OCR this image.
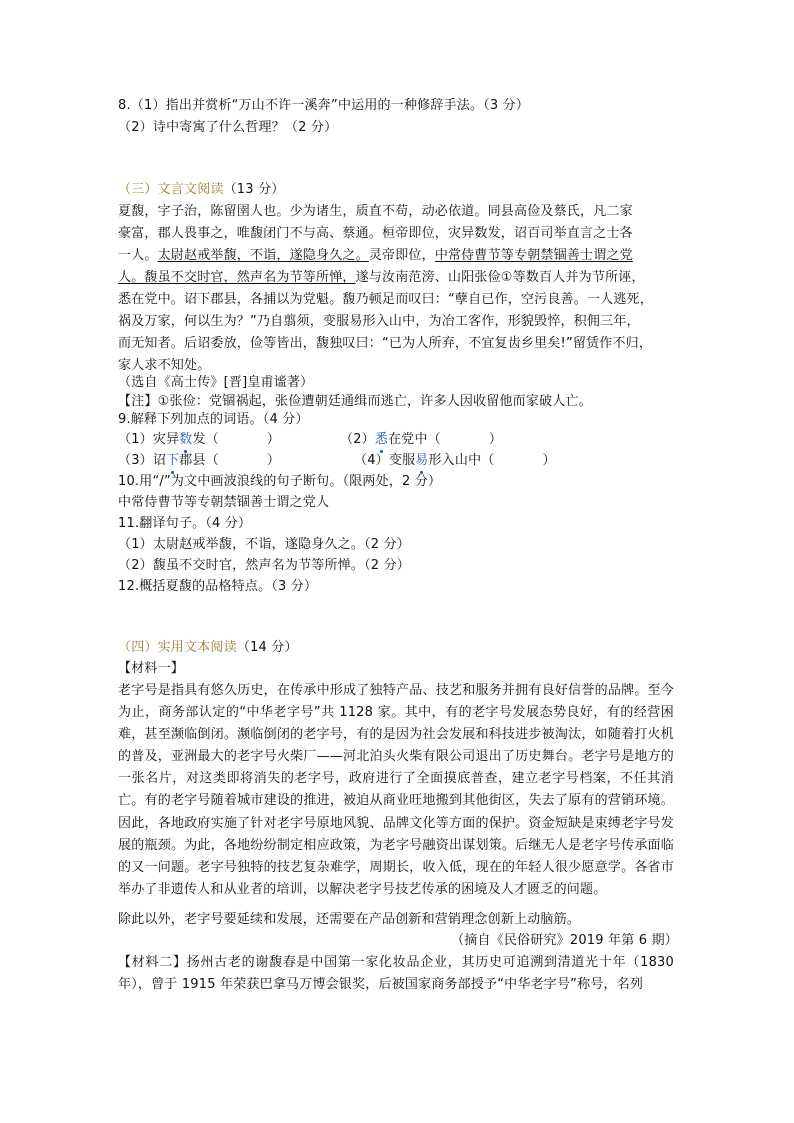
8.（1）指出并赏析“万山不许一溪奔”中运用的一种修辞手法。（3 分）
（2）诗中寄寓了什么哲理？（2 分）
（三）文言文阅读（13 分）
夏馥，字子治，陈留圉人也。少为诸生，质直不苟，动必依道。同县高俭及蔡氏，凡二家
豪富，郡人畏事之，唯馥闭门不与高、蔡通。桓帝即位，灾异数发，诏百司举直言之士各
一人。太尉赵戒举馥，不诣，遂隐身久之。灵帝即位，中常侍曹节等专朝禁锢善士谓之党
人。馥虽不交时官，然声名为节等所惮，遂与汝南范滂、山阳张俭①等数百人并为节所诬，
悉在党中。诏下郡县，各捕以为党魁。馥乃顿足而叹曰：“孽自已作，空污良善。一人逃死，
祸及万家，何以生为？”乃自翦须，变服易形入山中，为冶工客作，形貌毁悴，积佣三年，
而无知者。后诏委放，俭等皆出，馥独叹曰：“已为人所弃，不宜复齿乡里矣!”留赁作不归，
家人求不知处。
（选自《高士传》[晋]皇甫谧著）
【注】①张俭：党锢祸起，张俭遭朝廷通缉而逃亡，许多人因收留他而家破人亡。
9.解释下列加点的词语。（4 分）
（1）灾异数发（	）	（2）悉在党中（	）
（3）诏下郡县（	）	（4）变服易形入山中（	）
10.用“/”为文中画波浪线的句子断句。（限两处，2 分）
中常侍曹节等专朝禁锢善士谓之党人
11.翻译句子。（4 分）
（1）太尉赵戒举馥，不诣，遂隐身久之。（2 分）
（2）馥虽不交时官，然声名为节等所惮。（2 分）
12.概括夏馥的品格特点。（3 分）
（四）实用文本阅读（14 分）
【材料一】
老字号是指具有悠久历史，在传承中形成了独特产品、技艺和服务并拥有良好信誉的品牌。至今为止，商务部认定的“中华老字号”共 1128 家。其中，有的老字号发展态势良好，有的经营困难，甚至濒临倒闭。濒临倒闭的老字号，有的是因为社会发展和科技进步被淘汰，如随着打火机的普及，亚洲最大的老字号火柴厂——河北泊头火柴有限公司退出了历史舞台。老字号是地方的一张名片，对这类即将消失的老字号，政府进行了全面摸底普查，建立老字号档案，不任其消亡。有的老字号随着城市建设的推进，被迫从商业旺地搬到其他街区，失去了原有的营销环境。因此，各地政府实施了针对老字号原地风貌、品牌文化等方面的保护。资金短缺是束缚老字号发展的瓶颈。为此，各地纷纷制定相应政策，为老字号融资出谋划策。后继无人是老字号传承面临的又一问题。老字号独特的技艺复杂难学，周期长，收入低，现在的年轻人很少愿意学。各省市举办了非遗传人和从业者的培训，以解决老字号技艺传承的困境及人才匮乏的问题。
除此以外，老字号要延续和发展，还需要在产品创新和营销理念创新上动脑筋。
（摘自《民俗研究》2019 年第 6 期）
【材料二】扬州古老的谢馥春是中国第一家化妆品企业，其历史可追溯到清道光十年（1830 年），曾于 1915 年荣获巴拿马万博会银奖，后被国家商务部授予“中华老字号”称号，名列
